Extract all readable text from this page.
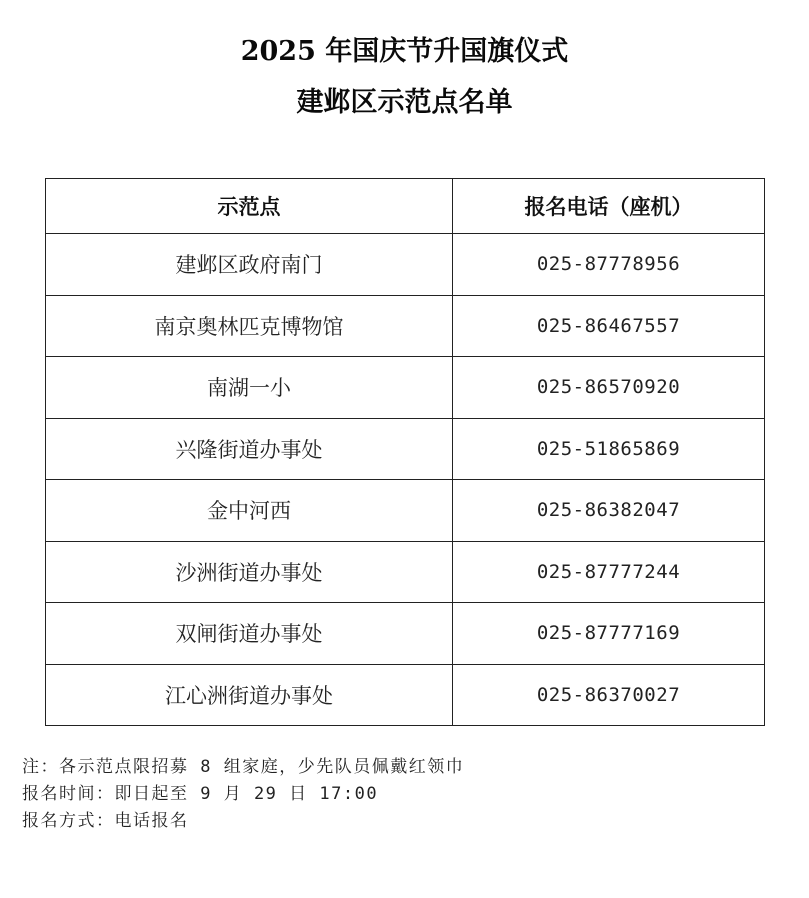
2025 年国庆节升国旗仪式
建邺区示范点名单
示范点	报名电话（座机）
建邺区政府南门	025-87778956
南京奥林匹克博物馆	025-86467557
南湖一小	025-86570920
兴隆街道办事处	025-51865869
金中河西	025-86382047
沙洲街道办事处	025-87777244
双闸街道办事处	025-87777169
江心洲街道办事处	025-86370027
注：各示范点限招募 8 组家庭，少先队员佩戴红领巾
报名时间：即日起至 9 月 29 日 17:00
报名方式：电话报名
